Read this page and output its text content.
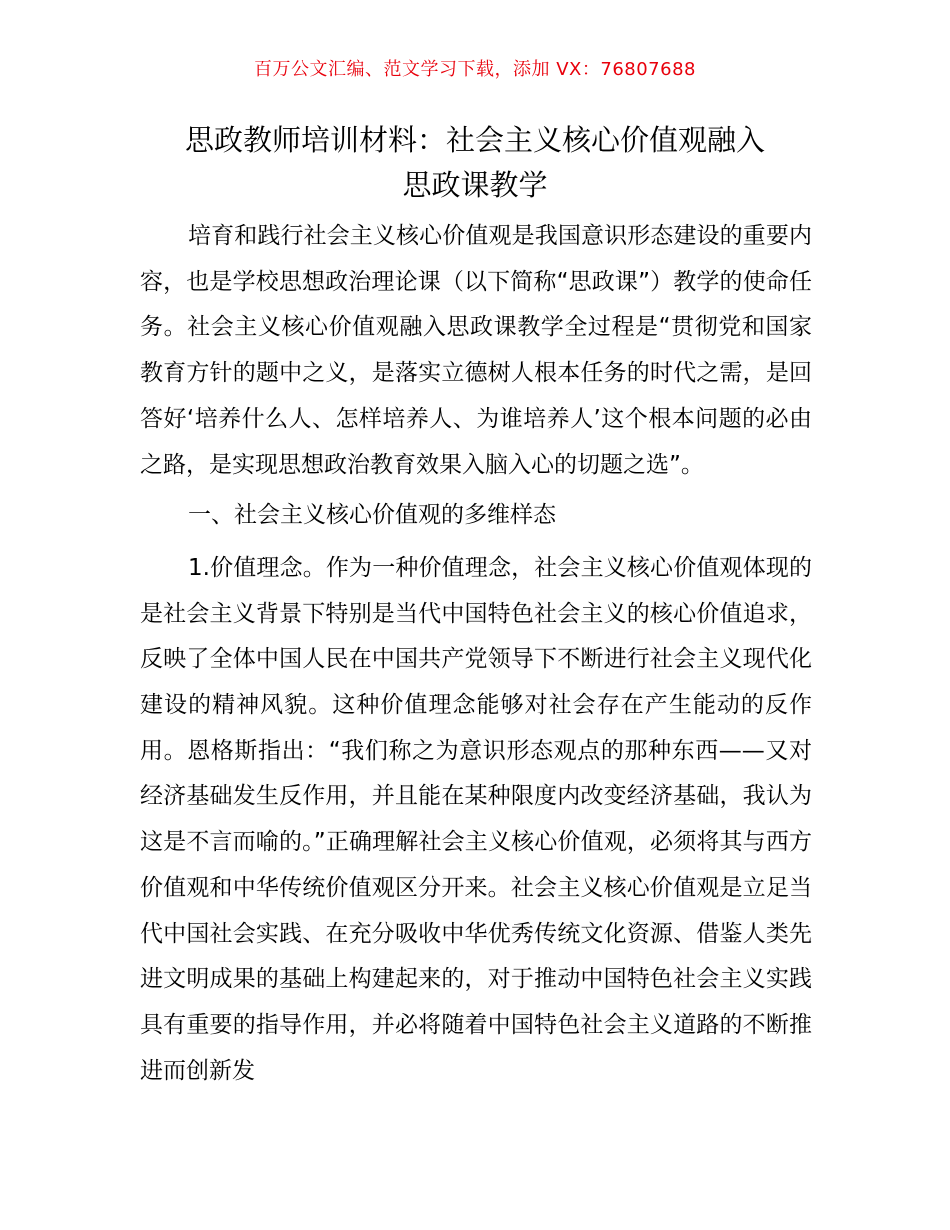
百万公文汇编、范文学习下载，添加 VX：76807688
思政教师培训材料：社会主义核心价值观融入
思政课教学

培育和践行社会主义核心价值观是我国意识形态建设的重要内容，也是学校思想政治理论课（以下简称“思政课”）教学的使命任务。社会主义核心价值观融入思政课教学全过程是“贯彻党和国家教育方针的题中之义，是落实立德树人根本任务的时代之需，是回答好‘培养什么人、怎样培养人、为谁培养人’这个根本问题的必由之路，是实现思想政治教育效果入脑入心的切题之选”。

一、社会主义核心价值观的多维样态

1.价值理念。作为一种价值理念，社会主义核心价值观体现的是社会主义背景下特别是当代中国特色社会主义的核心价值追求，反映了全体中国人民在中国共产党领导下不断进行社会主义现代化建设的精神风貌。这种价值理念能够对社会存在产生能动的反作用。恩格斯指出：“我们称之为意识形态观点的那种东西——又对经济基础发生反作用，并且能在某种限度内改变经济基础，我认为这是不言而喻的。”正确理解社会主义核心价值观，必须将其与西方价值观和中华传统价值观区分开来。社会主义核心价值观是立足当代中国社会实践、在充分吸收中华优秀传统文化资源、借鉴人类先进文明成果的基础上构建起来的，对于推动中国特色社会主义实践具有重要的指导作用，并必将随着中国特色社会主义道路的不断推进而创新发
